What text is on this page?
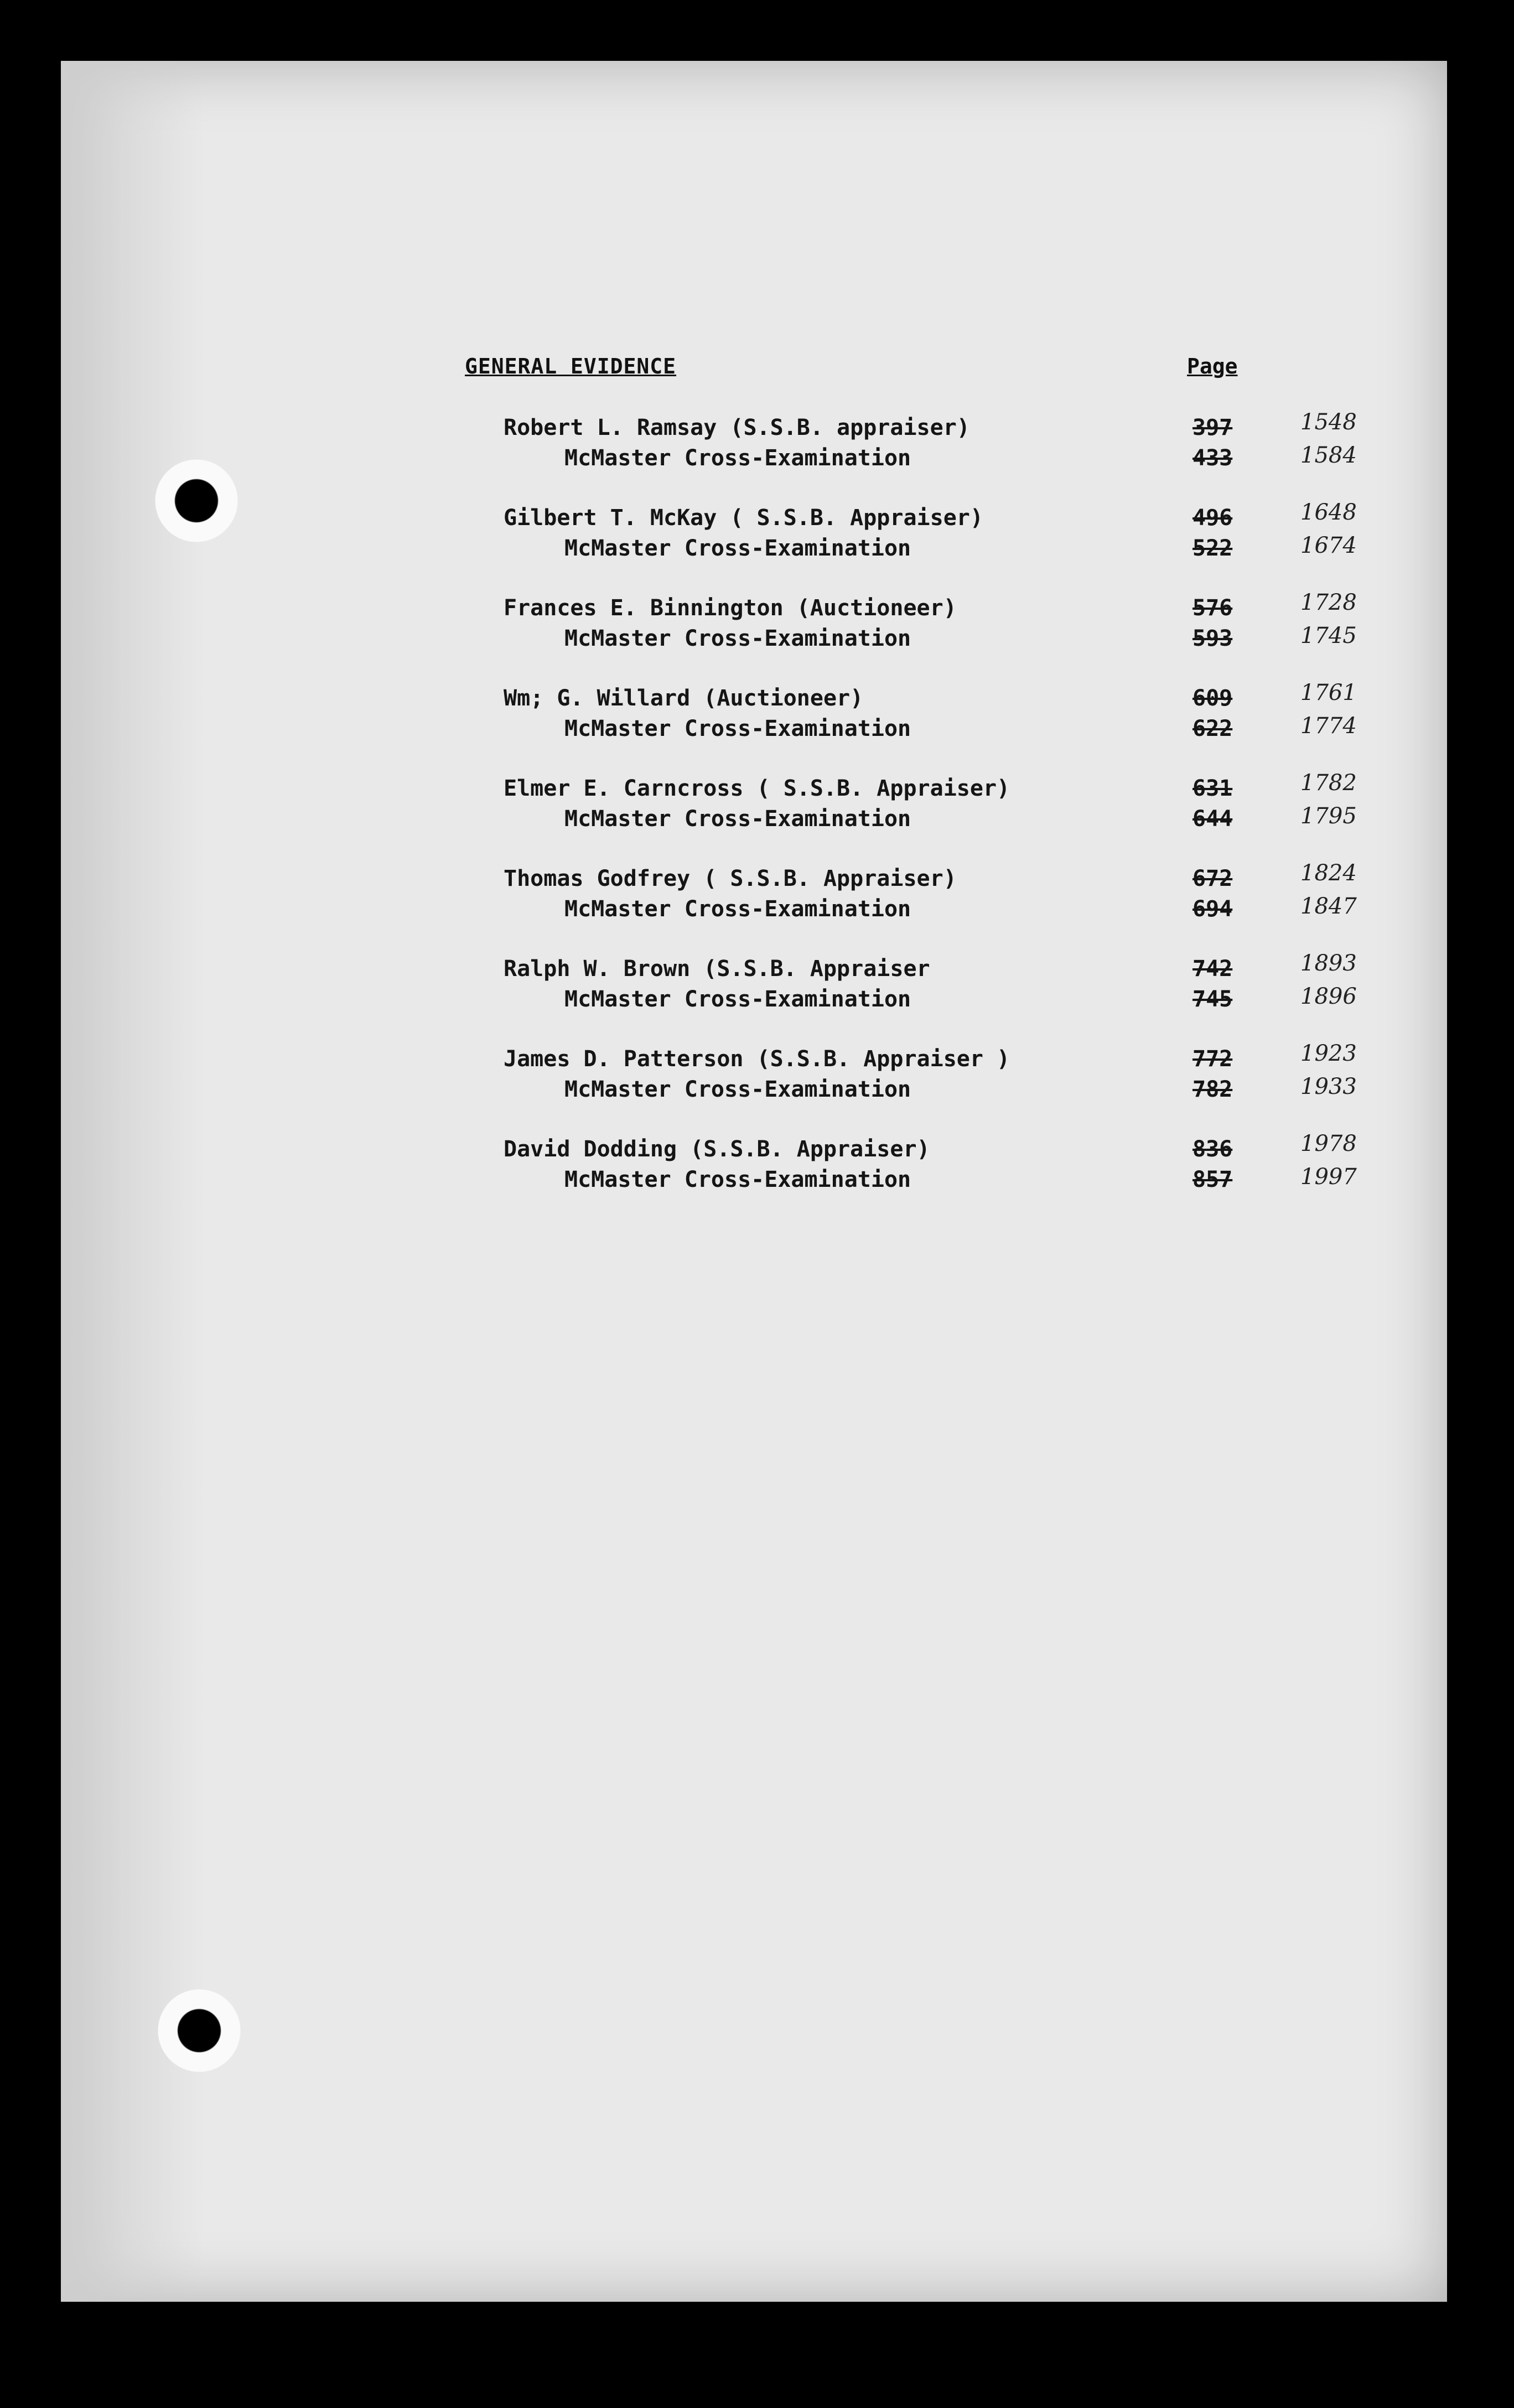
GENERAL EVIDENCE	Page
Robert L. Ramsay (S.S.B. appraiser)	397	1548
McMaster Cross-Examination	433	1584
Gilbert T. McKay ( S.S.B. Appraiser)	496	1648
McMaster Cross-Examination	522	1674
Frances E. Binnington (Auctioneer)	576	1728
McMaster Cross-Examination	593	1745
Wm; G. Willard (Auctioneer)	609	1761
McMaster Cross-Examination	622	1774
Elmer E. Carncross ( S.S.B. Appraiser)	631	1782
McMaster Cross-Examination	644	1795
Thomas Godfrey ( S.S.B. Appraiser)	672	1824
McMaster Cross-Examination	694	1847
Ralph W. Brown (S.S.B. Appraiser	742	1893
McMaster Cross-Examination	745	1896
James D. Patterson (S.S.B. Appraiser )	772	1923
McMaster Cross-Examination	782	1933
David Dodding (S.S.B. Appraiser)	836	1978
McMaster Cross-Examination	857	1997
